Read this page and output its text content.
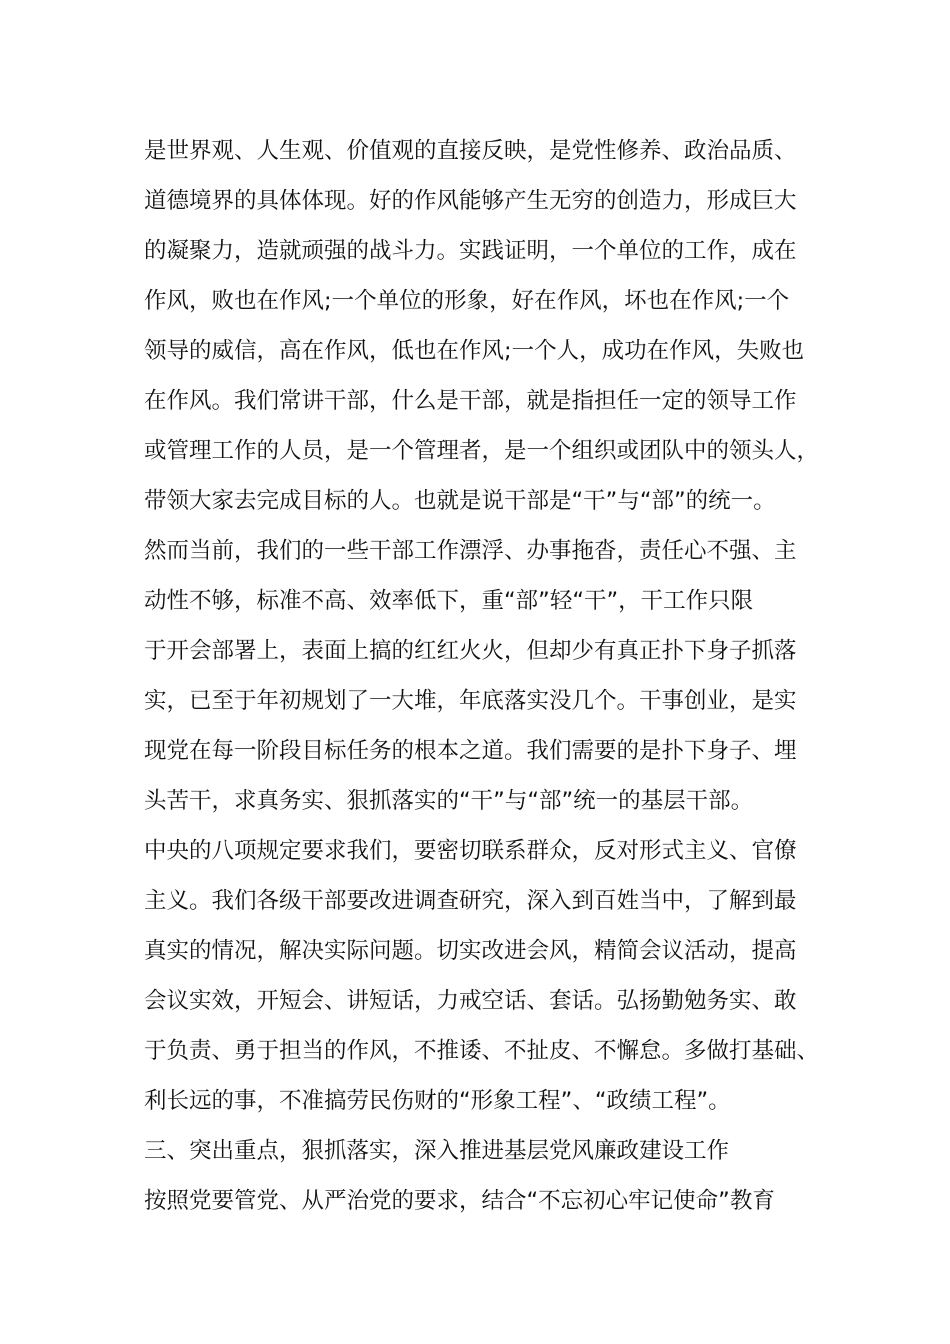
是世界观、人生观、价值观的直接反映，是党性修养、政治品质、
道德境界的具体体现。好的作风能够产生无穷的创造力，形成巨大
的凝聚力，造就顽强的战斗力。实践证明，一个单位的工作，成在
作风，败也在作风;一个单位的形象，好在作风，坏也在作风;一个
领导的威信，高在作风，低也在作风;一个人，成功在作风，失败也
在作风。我们常讲干部，什么是干部，就是指担任一定的领导工作
或管理工作的人员，是一个管理者，是一个组织或团队中的领头人，
带领大家去完成目标的人。也就是说干部是“干”与“部”的统一。
然而当前，我们的一些干部工作漂浮、办事拖沓，责任心不强、主
动性不够，标准不高、效率低下，重“部”轻“干”，干工作只限
于开会部署上，表面上搞的红红火火，但却少有真正扑下身子抓落
实，已至于年初规划了一大堆，年底落实没几个。干事创业，是实
现党在每一阶段目标任务的根本之道。我们需要的是扑下身子、埋
头苦干，求真务实、狠抓落实的“干”与“部”统一的基层干部。
中央的八项规定要求我们，要密切联系群众，反对形式主义、官僚
主义。我们各级干部要改进调查研究，深入到百姓当中，了解到最
真实的情况，解决实际问题。切实改进会风，精简会议活动，提高
会议实效，开短会、讲短话，力戒空话、套话。弘扬勤勉务实、敢
于负责、勇于担当的作风，不推诿、不扯皮、不懈怠。多做打基础、
利长远的事，不准搞劳民伤财的“形象工程”、“政绩工程”。
三、突出重点，狠抓落实，深入推进基层党风廉政建设工作
按照党要管党、从严治党的要求，结合“不忘初心牢记使命”教育
